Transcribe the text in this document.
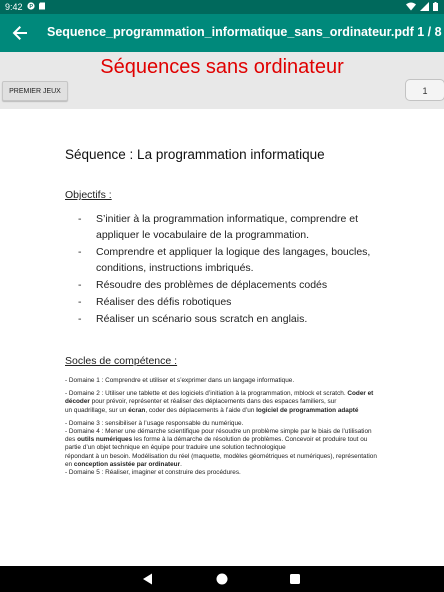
9:42 P
Sequence_programmation_informatique_sans_ordinateur.pdf 1 / 8
Séquences sans ordinateur
PREMIER JEUX	1
Séquence : La programmation informatique
Objectifs :
- S’initier à la programmation informatique, comprendre et appliquer le vocabulaire de la programmation.
- Comprendre et appliquer la logique des langages, boucles, conditions, instructions imbriqués.
- Résoudre des problèmes de déplacements codés
- Réaliser des défis robotiques
- Réaliser un scénario sous scratch en anglais.
Socles de compétence :

- Domaine 1 : Comprendre et utiliser et s’exprimer dans un langage informatique.

- Domaine 2 : Utiliser une tablette et des logiciels d’initiation à la programmation, mblock et scratch. Coder et décoder pour prévoir, représenter et réaliser des déplacements dans des espaces familiers, sur
un quadrillage, sur un écran, coder des déplacements à l’aide d’un logiciel de programmation adapté

- Domaine 3 : sensibiliser à l’usage responsable du numérique.

- Domaine 4 : Mener une démarche scientifique pour résoudre un problème simple par le biais de l’utilisation des outils numériques les forme à la démarche de résolution de problèmes. Concevoir et produire tout ou partie d’un objet technique en équipe pour traduire une solution technologique
répondant à un besoin. Modélisation du réel (maquette, modèles géométriques et numériques), représentation
en conception assistée par ordinateur.

- Domaine 5 : Réaliser, imaginer et construire des procédures.
